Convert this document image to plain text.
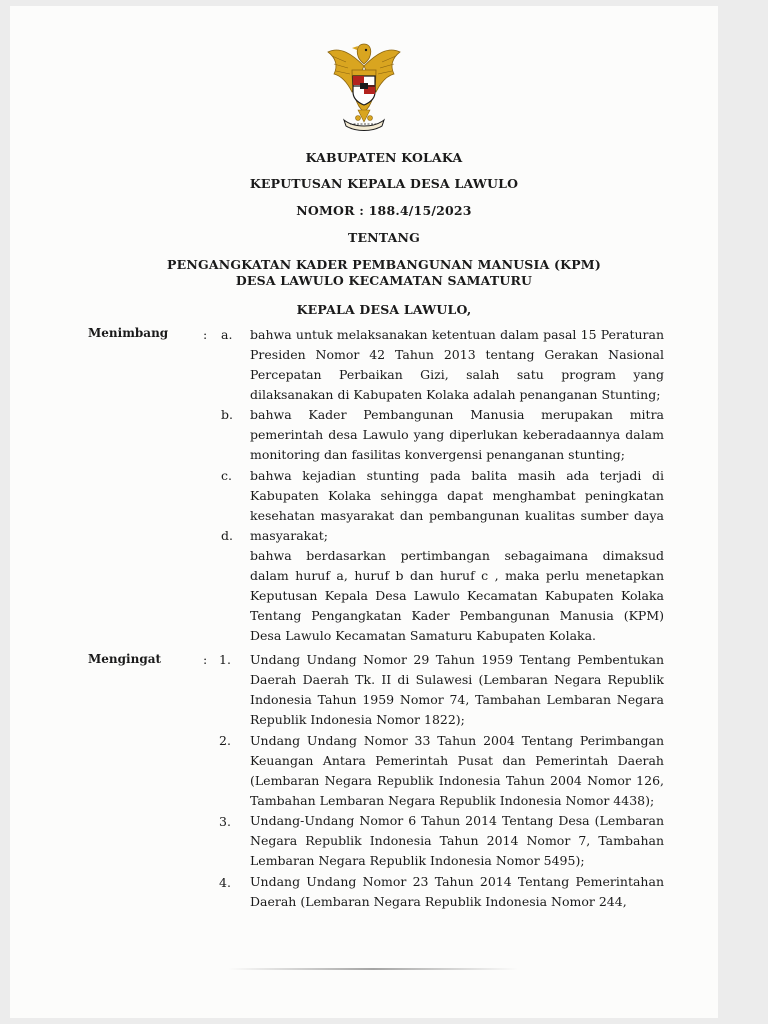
KABUPATEN KOLAKA
KEPUTUSAN KEPALA DESA LAWULO
NOMOR : 188.4/15/2023
TENTANG
PENGANGKATAN KADER PEMBANGUNAN MANUSIA (KPM)
DESA LAWULO KECAMATAN SAMATURU
KEPALA DESA LAWULO,
Menimbang	: a. bahwa untuk melaksanakan ketentuan dalam pasal 15 Peraturan Presiden Nomor 42 Tahun 2013 tentang Gerakan Nasional Percepatan Perbaikan Gizi, salah satu program yang dilaksanakan di Kabupaten Kolaka adalah penanganan Stunting;

b. bahwa Kader Pembangunan Manusia merupakan mitra pemerintah desa Lawulo yang diperlukan keberadaannya dalam monitoring dan fasilitas konvergensi penanganan stunting;

c. bahwa kejadian stunting pada balita masih ada terjadi di Kabupaten Kolaka sehingga dapat menghambat peningkatan kesehatan masyarakat dan pembangunan kualitas sumber daya masyarakat;

d.

bahwa berdasarkan pertimbangan sebagaimana dimaksud dalam huruf a, huruf b dan huruf c , maka perlu menetapkan Keputusan Kepala Desa Lawulo Kecamatan Kabupaten Kolaka Tentang Pengangkatan Kader Pembangunan Manusia (KPM) Desa Lawulo Kecamatan Samaturu Kabupaten Kolaka.

Mengingat	: 1. Undang Undang Nomor 29 Tahun 1959 Tentang Pembentukan Daerah Daerah Tk. II di Sulawesi (Lembaran Negara Republik Indonesia Tahun 1959 Nomor 74, Tambahan Lembaran Negara Republik Indonesia Nomor 1822);

2. Undang Undang Nomor 33 Tahun 2004 Tentang Perimbangan Keuangan Antara Pemerintah Pusat dan Pemerintah Daerah (Lembaran Negara Republik Indonesia Tahun 2004 Nomor 126, Tambahan Lembaran Negara Republik Indonesia Nomor 4438);

3. Undang-Undang Nomor 6 Tahun 2014 Tentang Desa (Lembaran Negara Republik Indonesia Tahun 2014 Nomor 7, Tambahan Lembaran Negara Republik Indonesia Nomor 5495);

4. Undang Undang Nomor 23 Tahun 2014 Tentang Pemerintahan Daerah (Lembaran Negara Republik Indonesia Nomor 244,
